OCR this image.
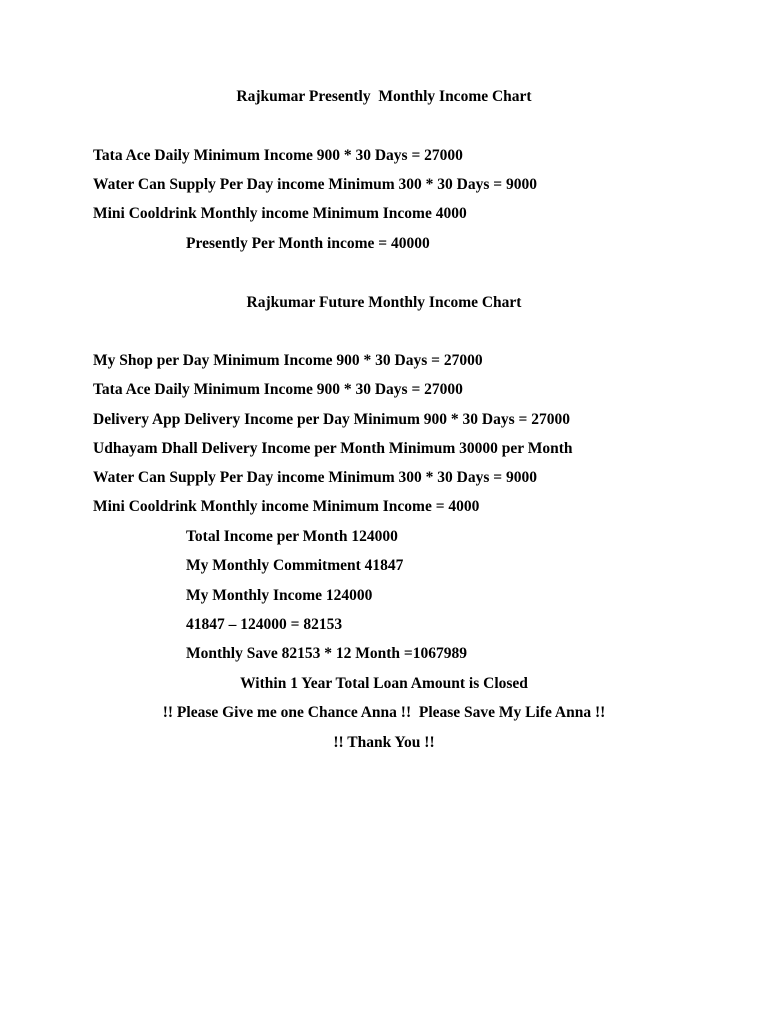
Rajkumar Presently  Monthly Income Chart
Tata Ace Daily Minimum Income 900 * 30 Days = 27000
Water Can Supply Per Day income Minimum 300 * 30 Days = 9000
Mini Cooldrink Monthly income Minimum Income 4000
Presently Per Month income = 40000
Rajkumar Future Monthly Income Chart
My Shop per Day Minimum Income 900 * 30 Days = 27000
Tata Ace Daily Minimum Income 900 * 30 Days = 27000
Delivery App Delivery Income per Day Minimum 900 * 30 Days = 27000
Udhayam Dhall Delivery Income per Month Minimum 30000 per Month
Water Can Supply Per Day income Minimum 300 * 30 Days = 9000
Mini Cooldrink Monthly income Minimum Income = 4000
Total Income per Month 124000
My Monthly Commitment 41847
My Monthly Income 124000
41847 – 124000 = 82153
Monthly Save 82153 * 12 Month =1067989
Within 1 Year Total Loan Amount is Closed
!! Please Give me one Chance Anna !!  Please Save My Life Anna !!
!! Thank You !!
